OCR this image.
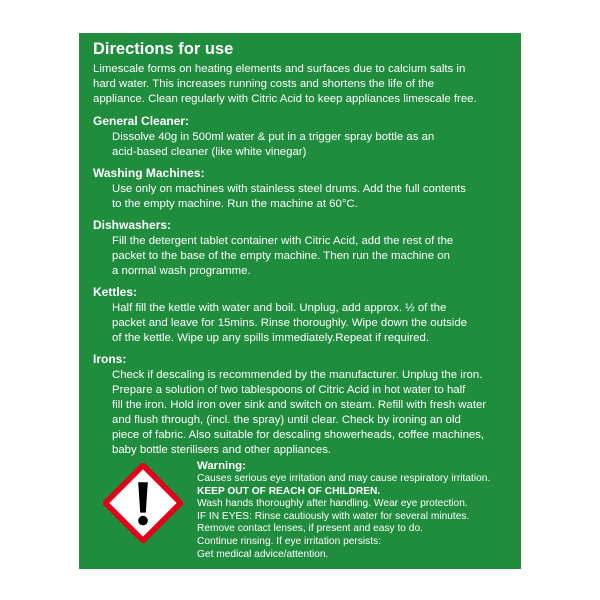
Directions for use
Limescale forms on heating elements and surfaces due to calcium salts in
hard water. This increases running costs and shortens the life of the
appliance. Clean regularly with Citric Acid to keep appliances limescale free.
General Cleaner:
Dissolve 40g in 500ml water & put in a trigger spray bottle as an
acid-based cleaner (like white vinegar)
Washing Machines:
Use only on machines with stainless steel drums. Add the full contents
to the empty machine. Run the machine at 60°C.
Dishwashers:
Fill the detergent tablet container with Citric Acid, add the rest of the
packet to the base of the empty machine. Then run the machine on
a normal wash programme.
Kettles:
Half fill the kettle with water and boil. Unplug, add approx. ½ of the
packet and leave for 15mins. Rinse thoroughly. Wipe down the outside
of the kettle. Wipe up any spills immediately.Repeat if required.
Irons:
Check if descaling is recommended by the manufacturer. Unplug the iron.
Prepare a solution of two tablespoons of Citric Acid in hot water to half
fill the iron. Hold iron over sink and switch on steam. Refill with fresh water
and flush through, (incl. the spray) until clear. Check by ironing an old
piece of fabric. Also suitable for descaling showerheads, coffee machines,
baby bottle sterilisers and other appliances.
Warning:
Causes serious eye irritation and may cause respiratory irritation.
KEEP OUT OF REACH OF CHILDREN.
Wash hands thoroughly after handling. Wear eye protection.
IF IN EYES: Rinse cautiously with water for several minutes.
Remove contact lenses, if present and easy to do.
Continue rinsing. If eye irritation persists:
Get medical advice/attention.
